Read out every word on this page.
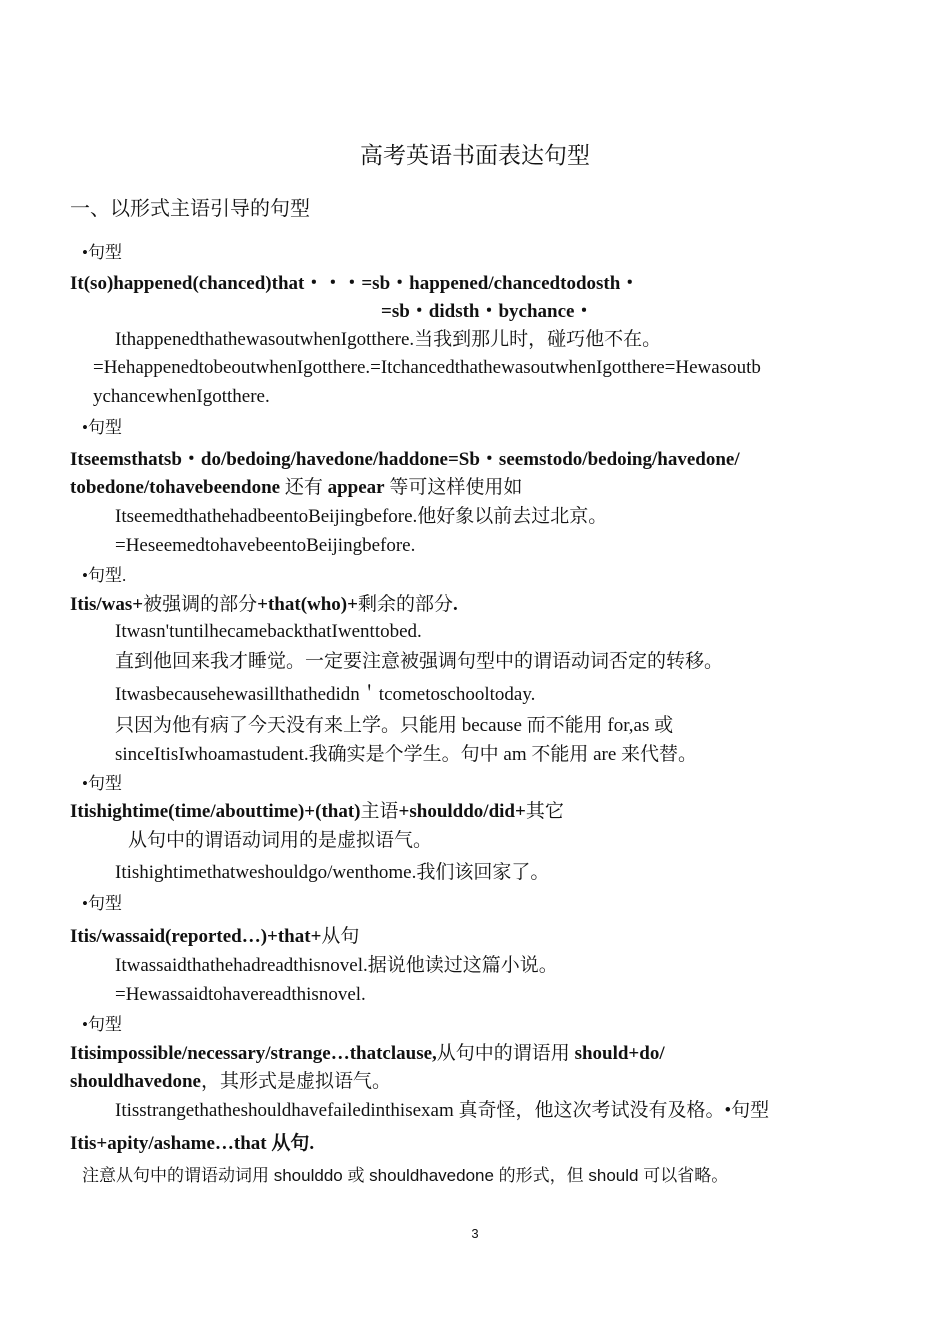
高考英语书面表达句型
一、以形式主语引导的句型
•句型
It(so)happened(chanced)that・・・=sb・happened/chancedtodosth・
=sb・didsth・bychance・
IthappenedthathewasoutwhenIgotthere.当我到那儿时，碰巧他不在。
=HehappenedtobeoutwhenIgotthere.=ItchancedthathewasoutwhenIgotthere=Hewasoutb
ychancewhenIgotthere.
•句型
Itseemsthatsb・do/bedoing/havedone/haddone=Sb・seemstodo/bedoing/havedone/
tobedone/tohavebeendone 还有 appear 等可这样使用如
ItseemedthathehadbeentoBeijingbefore.他好象以前去过北京。
=HeseemedtohavebeentoBeijingbefore.
•句型.
Itis/was+被强调的部分+that(who)+剩余的部分.
Itwasn'tuntilhecamebackthatIwenttobed.
直到他回来我才睡觉。一定要注意被强调句型中的谓语动词否定的转移。
Itwasbecausehewasillthathedidn＇tcometoschooltoday.
只因为他有病了今天没有来上学。只能用 because 而不能用 for,as 或
sinceItisIwhoamastudent.我确实是个学生。句中 am 不能用 are 来代替。
•句型
Itishightime(time/abouttime)+(that)主语+shoulddo/did+其它
从句中的谓语动词用的是虚拟语气。
Itishightimethatweshouldgo/wenthome.我们该回家了。
•句型
Itis/wassaid(reported…)+that+从句
Itwassaidthathehadreadthisnovel.据说他读过这篇小说。
=Hewassaidtohavereadthisnovel.
•句型
Itisimpossible/necessary/strange…thatclause,从句中的谓语用 should+do/
shouldhavedone，其形式是虚拟语气。
Itisstrangethatheshouldhavefailedinthisexam 真奇怪，他这次考试没有及格。•句型
Itis+apity/ashame…that 从句.
注意从句中的谓语动词用 shoulddo 或 shouldhavedone 的形式，但 should 可以省略。
3
